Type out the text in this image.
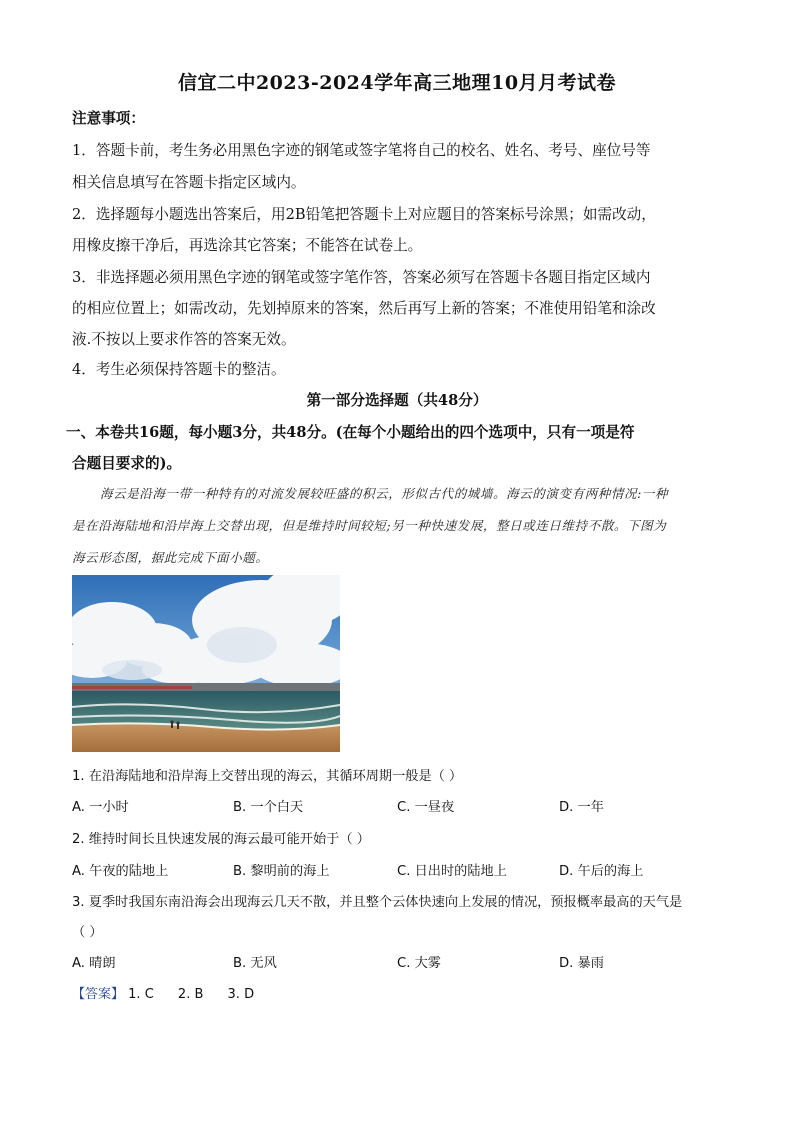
信宜二中2023-2024学年高三地理10月月考试卷
注意事项：
1．答题卡前，考生务必用黑色字迹的钢笔或签字笔将自己的校名、姓名、考号、座位号等
相关信息填写在答题卡指定区域内。
2．选择题每小题选出答案后，用2B铅笔把答题卡上对应题目的答案标号涂黑；如需改动，
用橡皮擦干净后，再选涂其它答案；不能答在试卷上。
3．非选择题必须用黑色字迹的钢笔或签字笔作答，答案必须写在答题卡各题目指定区域内
的相应位置上；如需改动，先划掉原来的答案，然后再写上新的答案；不准使用铅笔和涂改
液.不按以上要求作答的答案无效。
4．考生必须保持答题卡的整洁。
第一部分选择题（共48分）
一、本卷共16题，每小题3分，共48分。(在每个小题给出的四个选项中，只有一项是符
合题目要求的)。
海云是沿海一带一种特有的对流发展较旺盛的积云，形似古代的城墙。海云的演变有两种情况:一种
是在沿海陆地和沿岸海上交替出现，但是维持时间较短;另一种快速发展，整日或连日维持不散。下图为
海云形态图，据此完成下面小题。
1. 在沿海陆地和沿岸海上交替出现的海云，其循环周期一般是（ ）
A. 一小时	B. 一个白天	C. 一昼夜	D. 一年
2. 维持时间长且快速发展的海云最可能开始于（ ）
A. 午夜的陆地上	B. 黎明前的海上	C. 日出时的陆地上	D. 午后的海上
3. 夏季时我国东南沿海会出现海云几天不散，并且整个云体快速向上发展的情况，预报概率最高的天气是
（ ）
A. 晴朗	B. 无风	C. 大雾	D. 暴雨
【答案】 1. C 2. B 3. D
